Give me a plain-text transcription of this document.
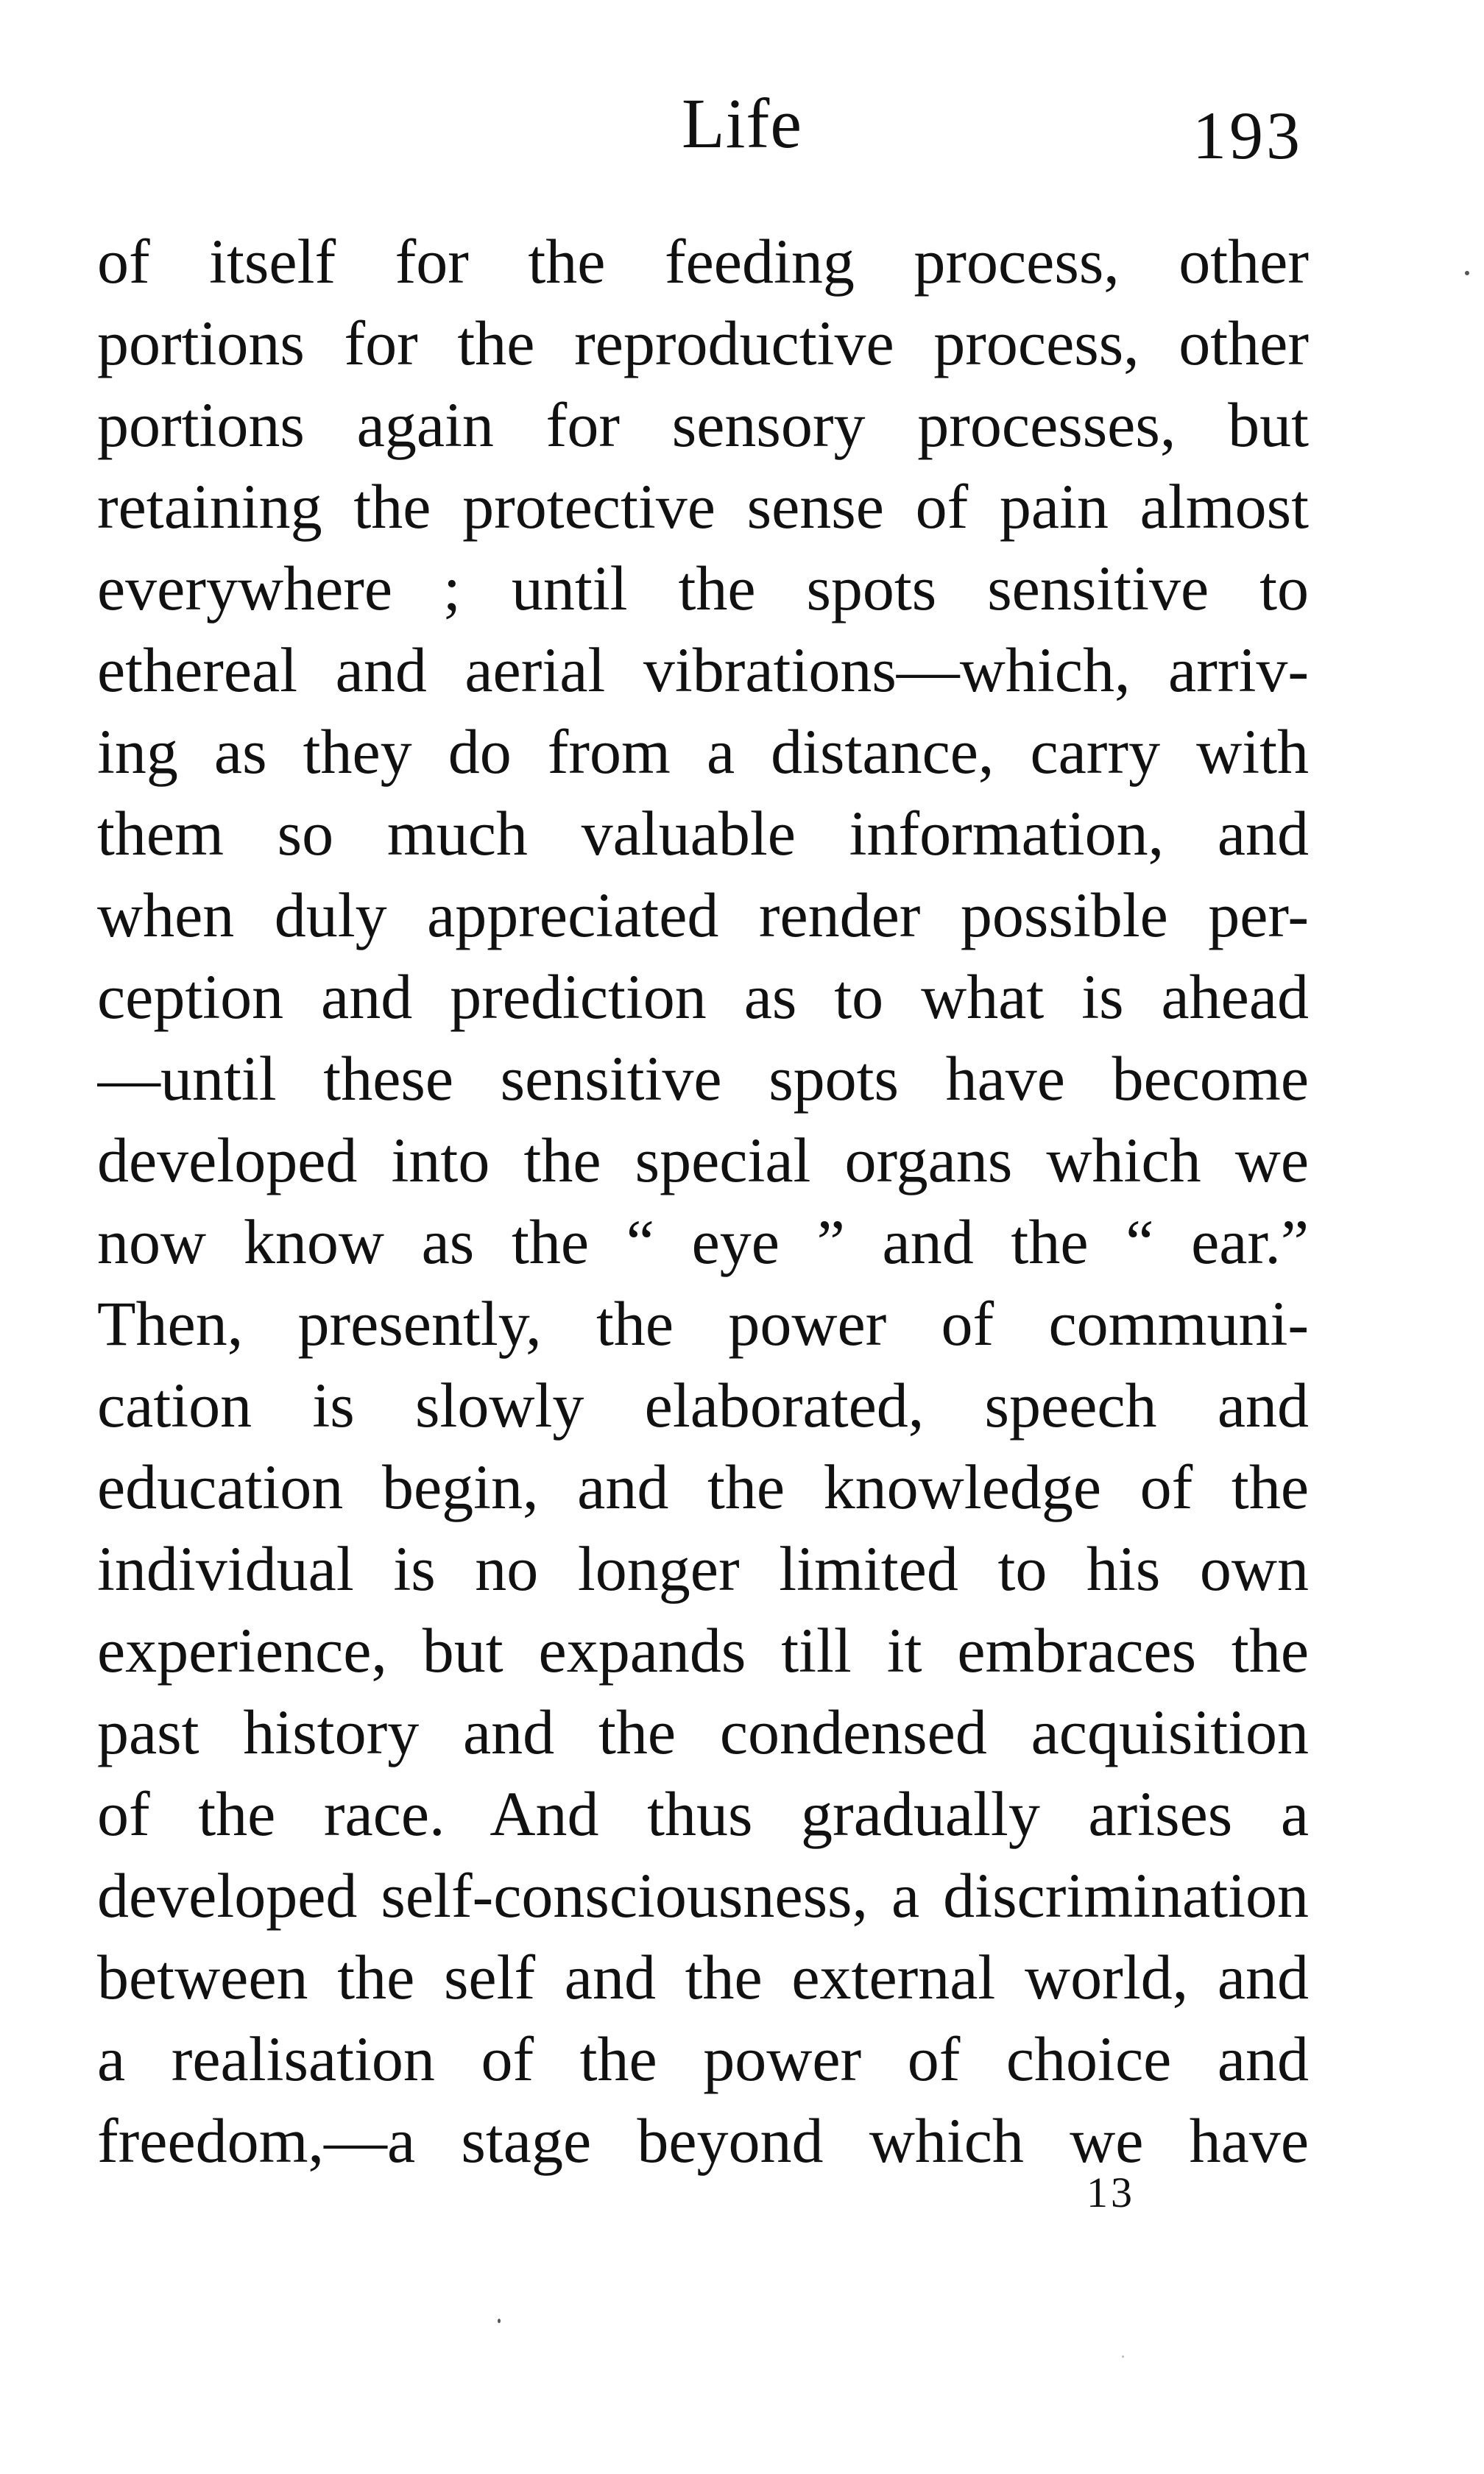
Life	193
of itself for the feeding process, other
portions for the reproductive process, other
portions again for sensory processes, but
retaining the protective sense of pain almost
everywhere ; until the spots sensitive to
ethereal and aerial vibrations—which, arriv-
ing as they do from a distance, carry with
them so much valuable information, and
when duly appreciated render possible per-
ception and prediction as to what is ahead
—until these sensitive spots have become
developed into the special organs which we
now know as the “ eye ” and the “ ear.”
Then, presently, the power of communi-
cation is slowly elaborated, speech and
education begin, and the knowledge of the
individual is no longer limited to his own
experience, but expands till it embraces the
past history and the condensed acquisition
of the race. And thus gradually arises a
developed self-consciousness, a discrimination
between the self and the external world, and
a realisation of the power of choice and
freedom,—a stage beyond which we have
13
